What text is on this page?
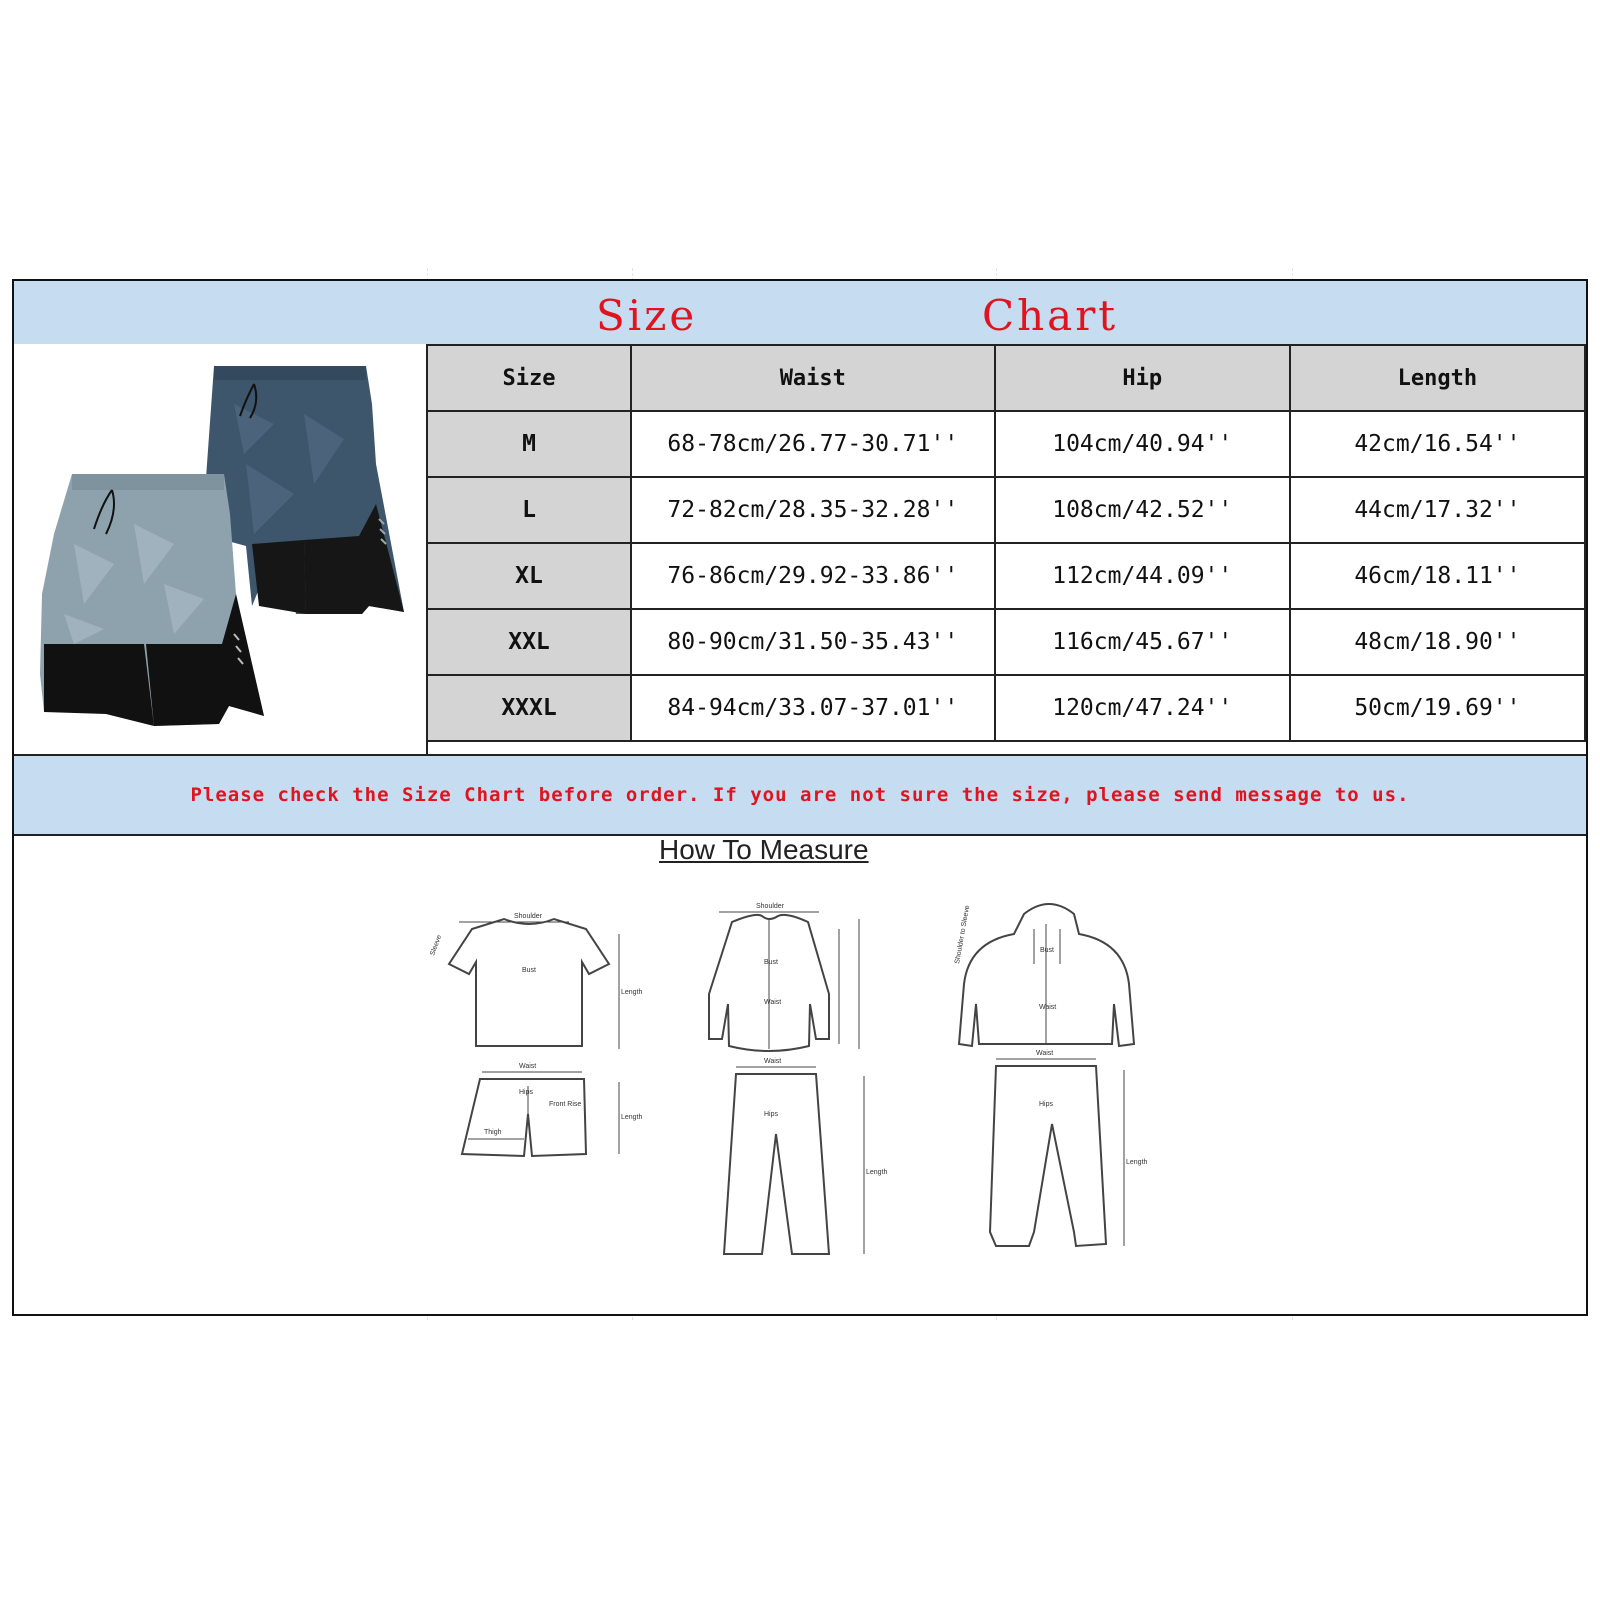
Size	Chart
Size	Waist	Hip	Length
M	68-78cm/26.77-30.71''	104cm/40.94''	42cm/16.54''
L	72-82cm/28.35-32.28''	108cm/42.52''	44cm/17.32''
XL	76-86cm/29.92-33.86''	112cm/44.09''	46cm/18.11''
XXL	80-90cm/31.50-35.43''	116cm/45.67''	48cm/18.90''
XXXL	84-94cm/33.07-37.01''	120cm/47.24''	50cm/19.69''
Please check the Size Chart before order. If you are not sure the size, please send message to us.
How To Measure
Shoulder
Bust
Length
Sleeve
Waist
Hips
Front Rise
Thigh
Length
Shoulder
Bust
Waist
Waist
Hips
Length
Shoulder to Sleeve	Bust
Waist
Waist
Hips
Length
